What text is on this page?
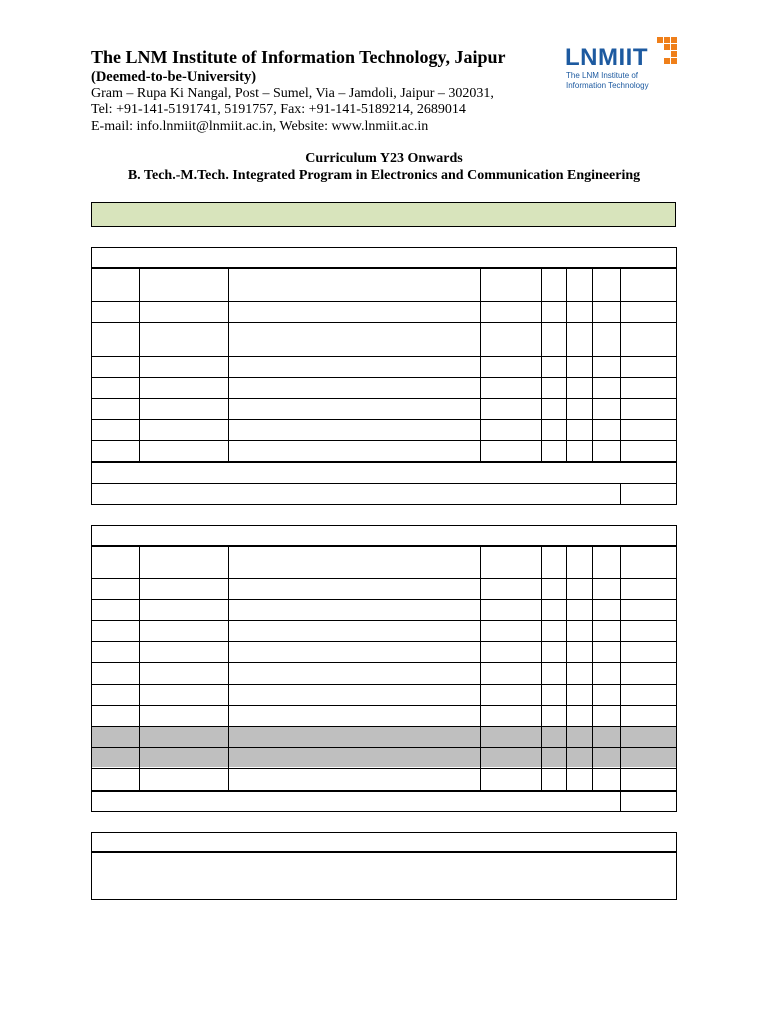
The LNM Institute of Information Technology, Jaipur
(Deemed-to-be-University)
Gram – Rupa Ki Nangal, Post – Sumel, Via – Jamdoli, Jaipur – 302031,
Tel: +91-141-5191741, 5191757, Fax: +91-141-5189214, 2689014
E-mail: info.lnmiit@lnmiit.ac.in, Website: www.lnmiit.ac.in
LNMIIT
The LNM Institute of
Information Technology
Curriculum Y23 Onwards
B. Tech.-M.Tech. Integrated Program in Electronics and Communication Engineering
